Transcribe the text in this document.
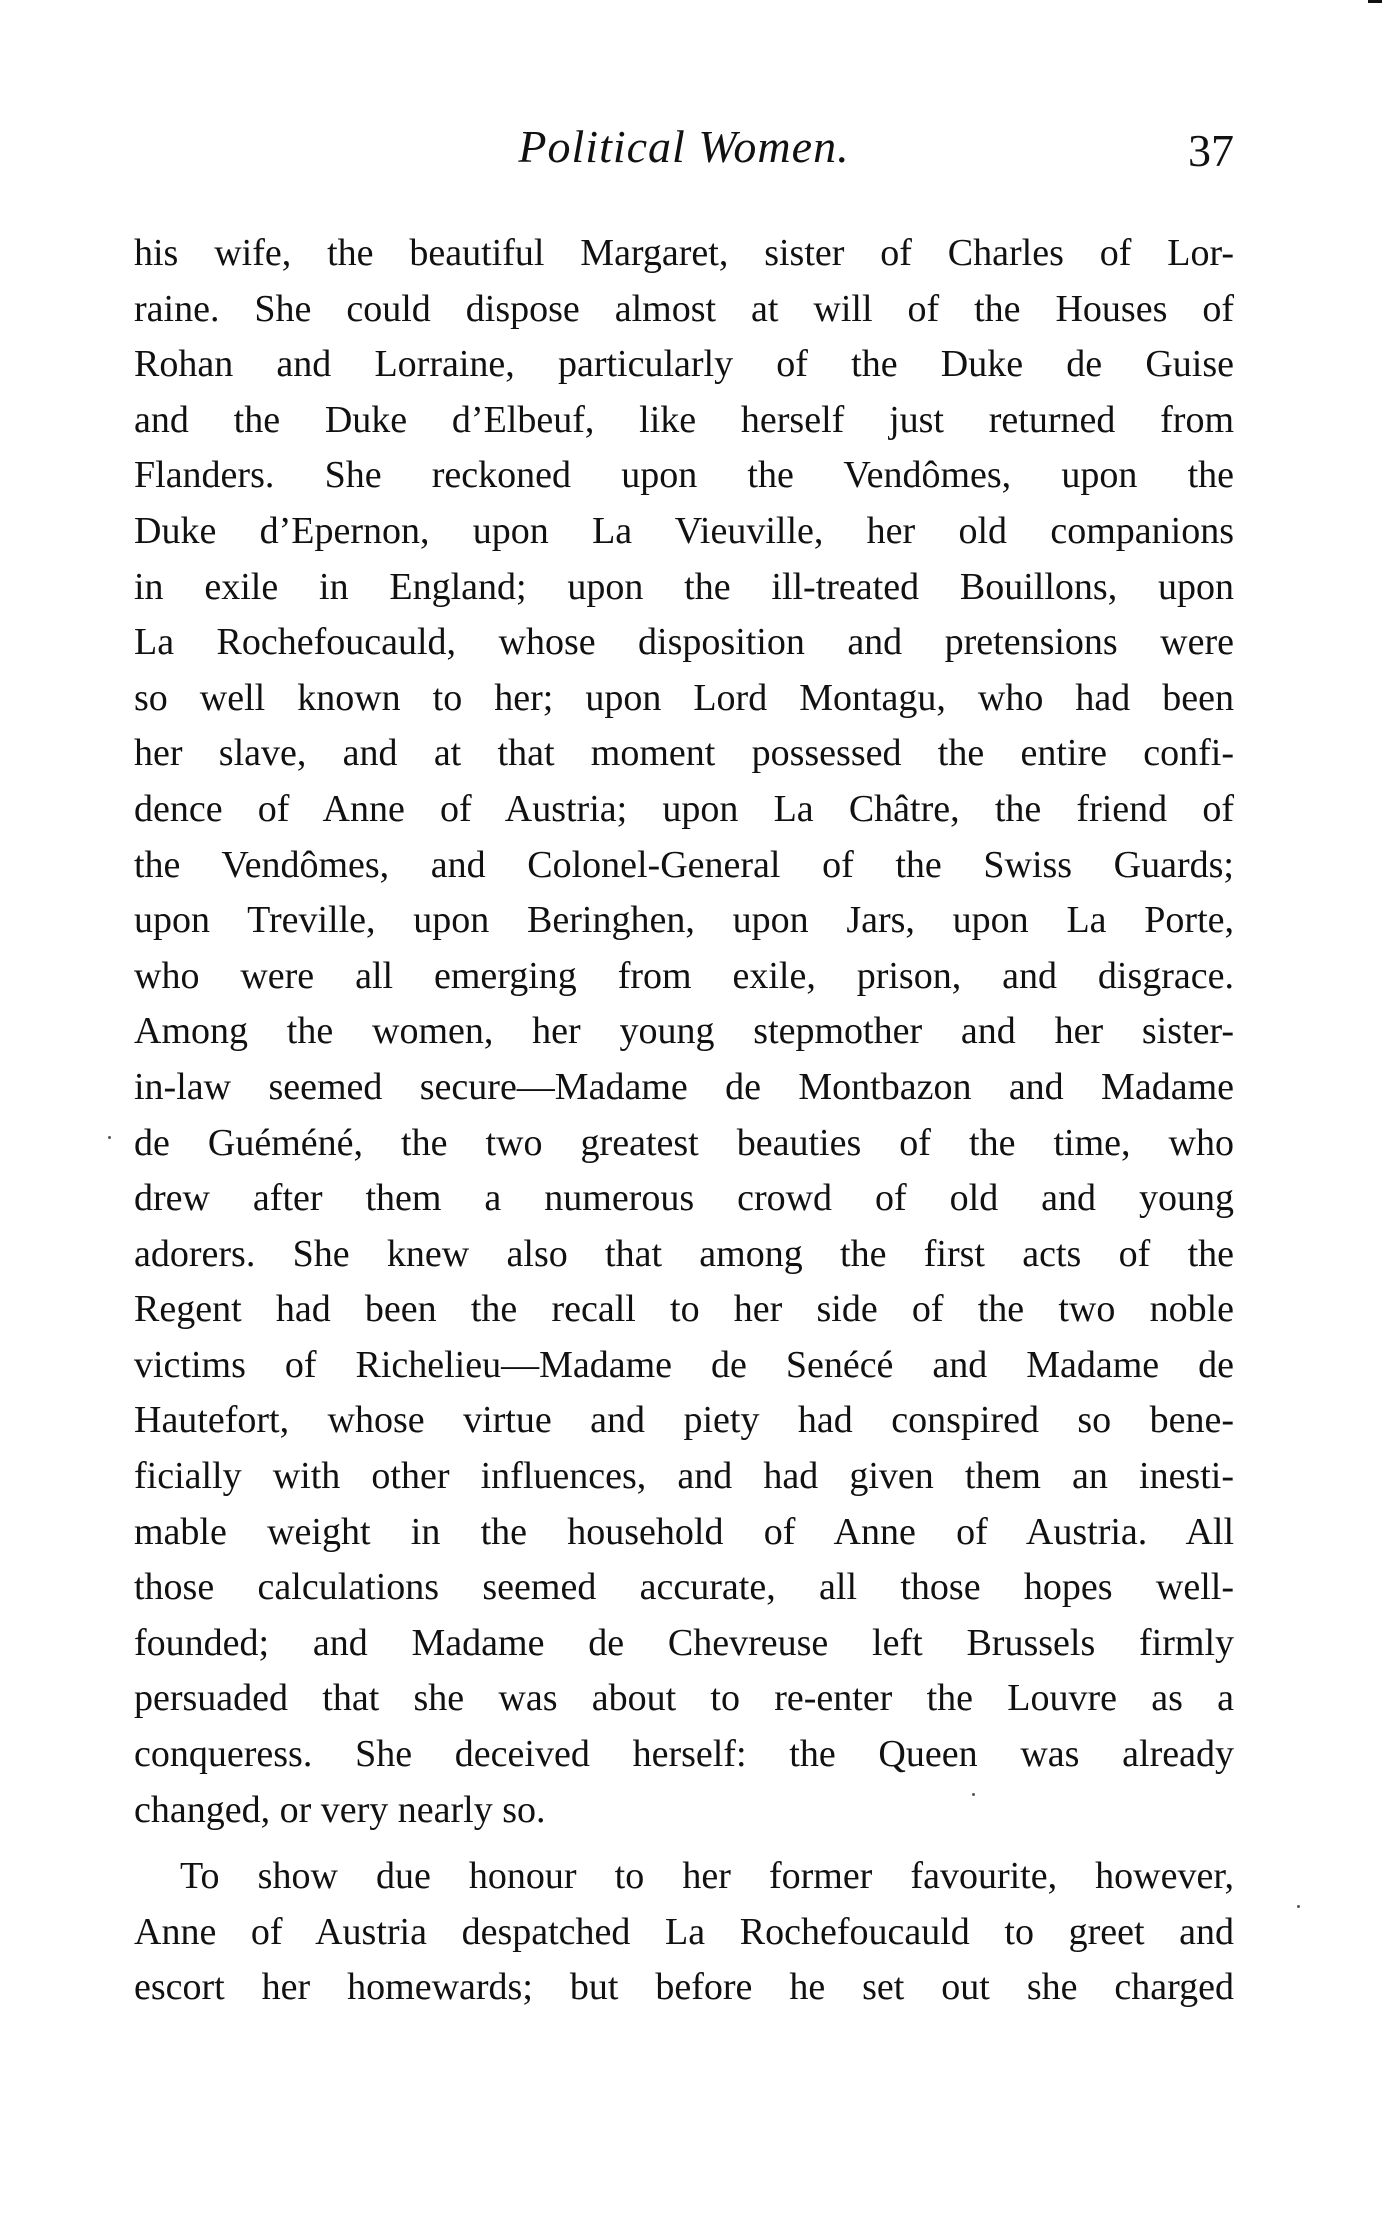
Political Women.	37
his wife, the beautiful Margaret, sister of Charles of Lor-
raine. She could dispose almost at will of the Houses of
Rohan and Lorraine, particularly of the Duke de Guise
and the Duke d’Elbeuf, like herself just returned from
Flanders. She reckoned upon the Vendômes, upon the
Duke d’Epernon, upon La Vieuville, her old companions
in exile in England; upon the ill-treated Bouillons, upon
La Rochefoucauld, whose disposition and pretensions were
so well known to her; upon Lord Montagu, who had been
her slave, and at that moment possessed the entire confi-
dence of Anne of Austria; upon La Châtre, the friend of
the Vendômes, and Colonel-General of the Swiss Guards;
upon Treville, upon Beringhen, upon Jars, upon La Porte,
who were all emerging from exile, prison, and disgrace.
Among the women, her young stepmother and her sister-
in-law seemed secure—Madame de Montbazon and Madame
de Guéméné, the two greatest beauties of the time, who
drew after them a numerous crowd of old and young
adorers. She knew also that among the first acts of the
Regent had been the recall to her side of the two noble
victims of Richelieu—Madame de Senécé and Madame de
Hautefort, whose virtue and piety had conspired so bene-
ficially with other influences, and had given them an inesti-
mable weight in the household of Anne of Austria. All
those calculations seemed accurate, all those hopes well-
founded; and Madame de Chevreuse left Brussels firmly
persuaded that she was about to re-enter the Louvre as a
conqueress. She deceived herself: the Queen was already
changed, or very nearly so.
To show due honour to her former favourite, however,
Anne of Austria despatched La Rochefoucauld to greet and
escort her homewards; but before he set out she charged
